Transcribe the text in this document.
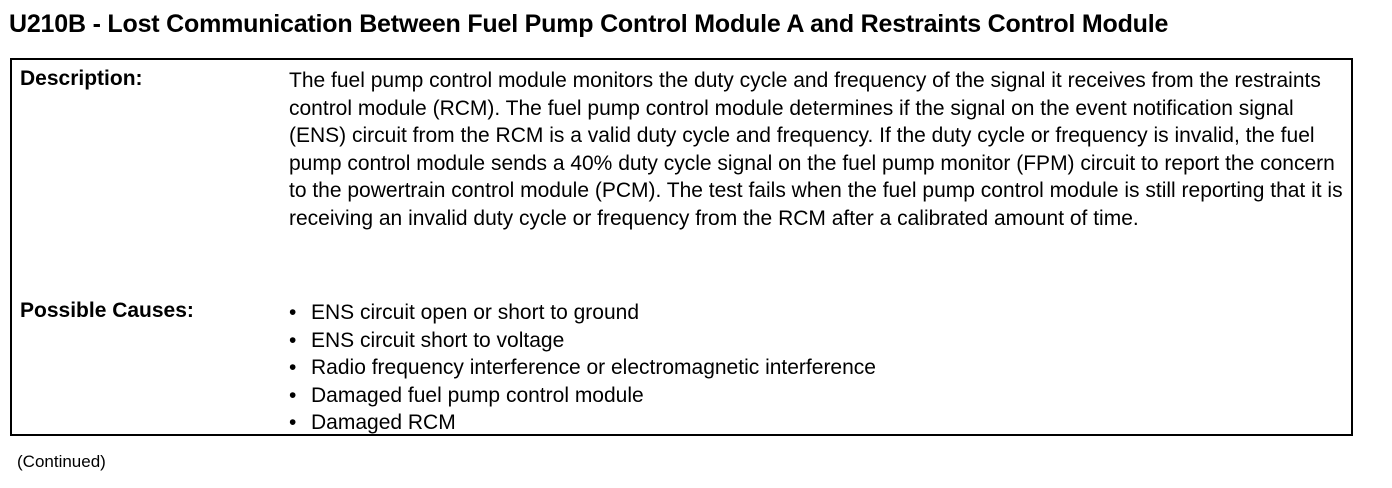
U210B - Lost Communication Between Fuel Pump Control Module A and Restraints Control Module
Description:	The fuel pump control module monitors the duty cycle and frequency of the signal it receives from the restraints control module (RCM). The fuel pump control module determines if the signal on the event notification signal (ENS) circuit from the RCM is a valid duty cycle and frequency. If the duty cycle or frequency is invalid, the fuel pump control module sends a 40% duty cycle signal on the fuel pump monitor (FPM) circuit to report the concern to the powertrain control module (PCM). The test fails when the fuel pump control module is still reporting that it is receiving an invalid duty cycle or frequency from the RCM after a calibrated amount of time.

Possible Causes:
•	ENS circuit open or short to ground
• ENS circuit short to voltage
• Radio frequency interference or electromagnetic interference
• Damaged fuel pump control module
• Damaged RCM
(Continued)
